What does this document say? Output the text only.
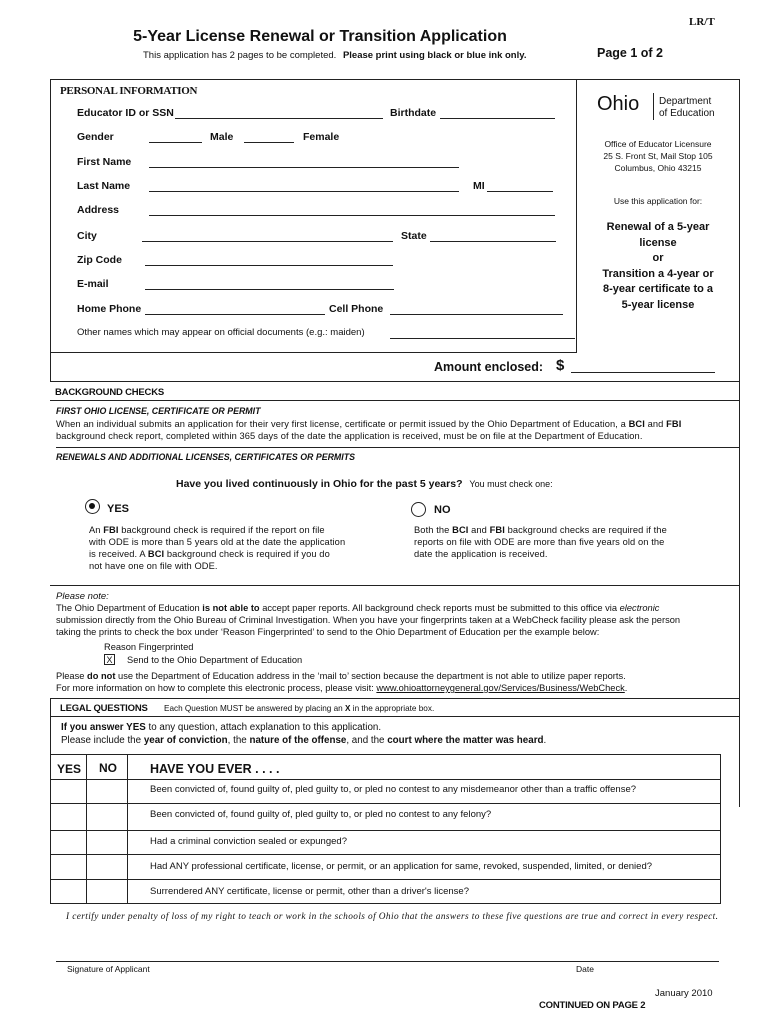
LR/T
5-Year License Renewal or Transition Application
This application has 2 pages to be completed. Please print using black or blue ink only.	Page 1 of 2
PERSONAL INFORMATION
Educator ID or SSN	Birthdate
Gender	Male	Female
First Name
Last Name	MI
Address
City	State
Zip Code
E-mail
Home Phone	Cell Phone
Other names which may appear on official documents (e.g.: maiden)
Ohio Department
of Education
Office of Educator Licensure
25 S. Front St, Mail Stop 105
Columbus, Ohio 43215
Use this application for:
Renewal of a 5-year
license
or
Transition a 4-year or
8-year certificate to a
5-year license
Amount enclosed: $
BACKGROUND CHECKS
FIRST OHIO LICENSE, CERTIFICATE OR PERMIT
When an individual submits an application for their very first license, certificate or permit issued by the Ohio Department of Education, a BCI and FBI
background check report, completed within 365 days of the date the application is received, must be on file at the Department of Education.
RENEWALS AND ADDITIONAL LICENSES, CERTIFICATES OR PERMITS
Have you lived continuously in Ohio for the past 5 years? You must check one:
YES	NO
An FBI background check is required if the report on file
with ODE is more than 5 years old at the date the application
is received. A BCI background check is required if you do
not have one on file with ODE.
Both the BCI and FBI background checks are required if the
reports on file with ODE are more than five years old on the
date the application is received.
Please note:
The Ohio Department of Education is not able to accept paper reports. All background check reports must be submitted to this office via electronic
submission directly from the Ohio Bureau of Criminal Investigation. When you have your fingerprints taken at a WebCheck facility please ask the person
taking the prints to check the box under ‘Reason Fingerprinted’ to send to the Ohio Department of Education per the example below:
Reason Fingerprinted
X Send to the Ohio Department of Education
Please do not use the Department of Education address in the ‘mail to’ section because the department is not able to utilize paper reports.
For more information on how to complete this electronic process, please visit: www.ohioattorneygeneral.gov/Services/Business/WebCheck.
LEGAL QUESTIONS Each Question MUST be answered by placing an X in the appropriate box.
If you answer YES to any question, attach explanation to this application.
Please include the year of conviction, the nature of the offense, and the court where the matter was heard.
YES NO	HAVE YOU EVER . . . .
Been convicted of, found guilty of, pled guilty to, or pled no contest to any misdemeanor other than a traffic offense?
Been convicted of, found guilty of, pled guilty to, or pled no contest to any felony?
Had a criminal conviction sealed or expunged?
Had ANY professional certificate, license, or permit, or an application for same, revoked, suspended, limited, or denied?
Surrendered ANY certificate, license or permit, other than a driver's license?
I certify under penalty of loss of my right to teach or work in the schools of Ohio that the answers to these five questions are true and correct in every respect.
Signature of Applicant	Date
January 2010
CONTINUED ON PAGE 2
